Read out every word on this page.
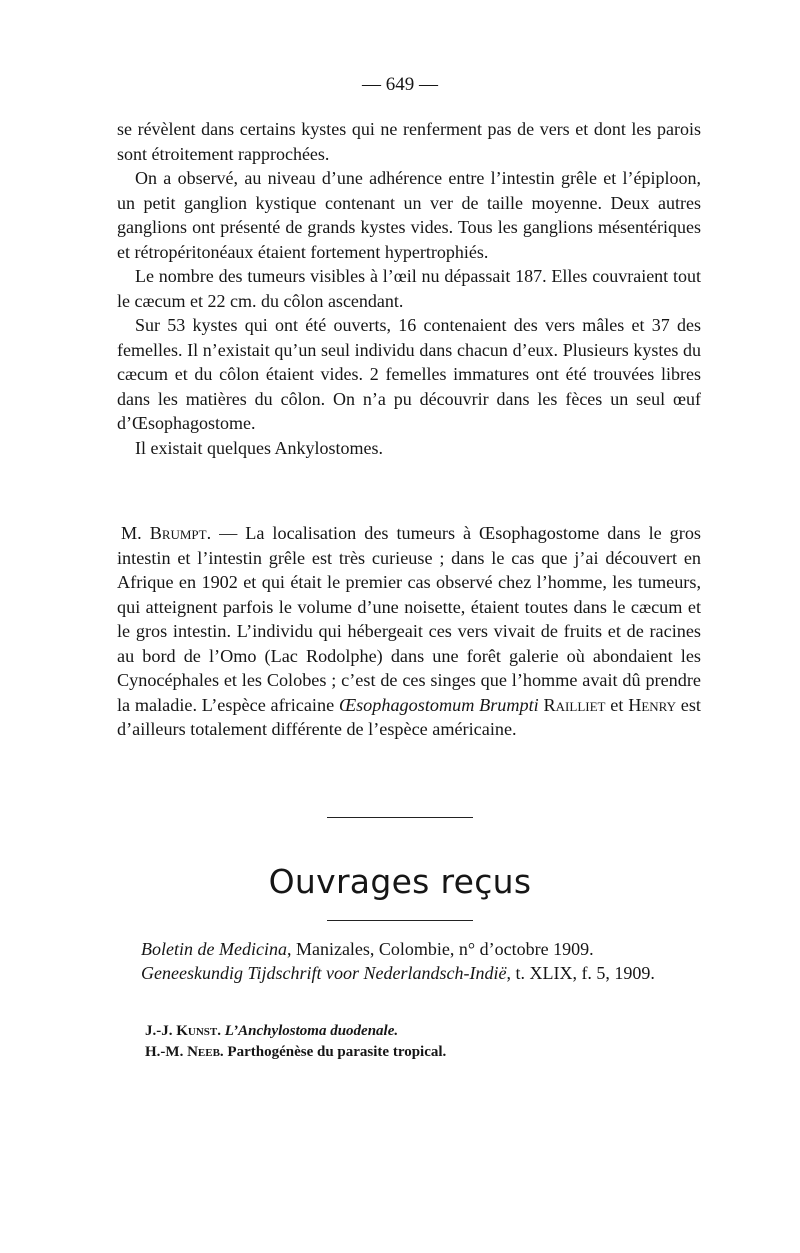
— 649 —

se révèlent dans certains kystes qui ne renferment pas de vers et dont les parois sont étroitement rapprochées.

On a observé, au niveau d’une adhérence entre l’intestin grêle et l’épiploon, un petit ganglion kystique contenant un ver de taille moyenne. Deux autres ganglions ont présenté de grands kystes vides. Tous les ganglions mésentériques et rétropéritonéaux étaient fortement hypertrophiés.

Le nombre des tumeurs visibles à l’œil nu dépassait 187. Elles couvraient tout le cæcum et 22 cm. du côlon ascendant.

Sur 53 kystes qui ont été ouverts, 16 contenaient des vers mâles et 37 des femelles. Il n’existait qu’un seul individu dans chacun d’eux. Plusieurs kystes du cæcum et du côlon étaient vides. 2 femelles immatures ont été trouvées libres dans les matières du côlon. On n’a pu découvrir dans les fèces un seul œuf d’Œsophagostome.

Il existait quelques Ankylostomes.

M. Brumpt. — La localisation des tumeurs à Œsophagostome dans le gros intestin et l’intestin grêle est très curieuse ; dans le cas que j’ai découvert en Afrique en 1902 et qui était le premier cas observé chez l’homme, les tumeurs, qui atteignent parfois le volume d’une noisette, étaient toutes dans le cæcum et le gros intestin. L’individu qui hébergeait ces vers vivait de fruits et de racines au bord de l’Omo (Lac Rodolphe) dans une forêt galerie où abondaient les Cynocéphales et les Colobes ; c’est de ces singes que l’homme avait dû prendre la maladie. L’espèce africaine Œsophagostomum Brumpti Railliet et Henry est d’ailleurs totalement différente de l’espèce américaine.

Ouvrages reçus

Boletin de Medicina, Manizales, Colombie, n° d’octobre 1909.

Geneeskundig Tijdschrift voor Nederlandsch-Indië, t. XLIX, f. 5, 1909.

J.-J. Kunst. L’Anchylostoma duodenale.

H.-M. Neeb. Parthogénèse du parasite tropical.
